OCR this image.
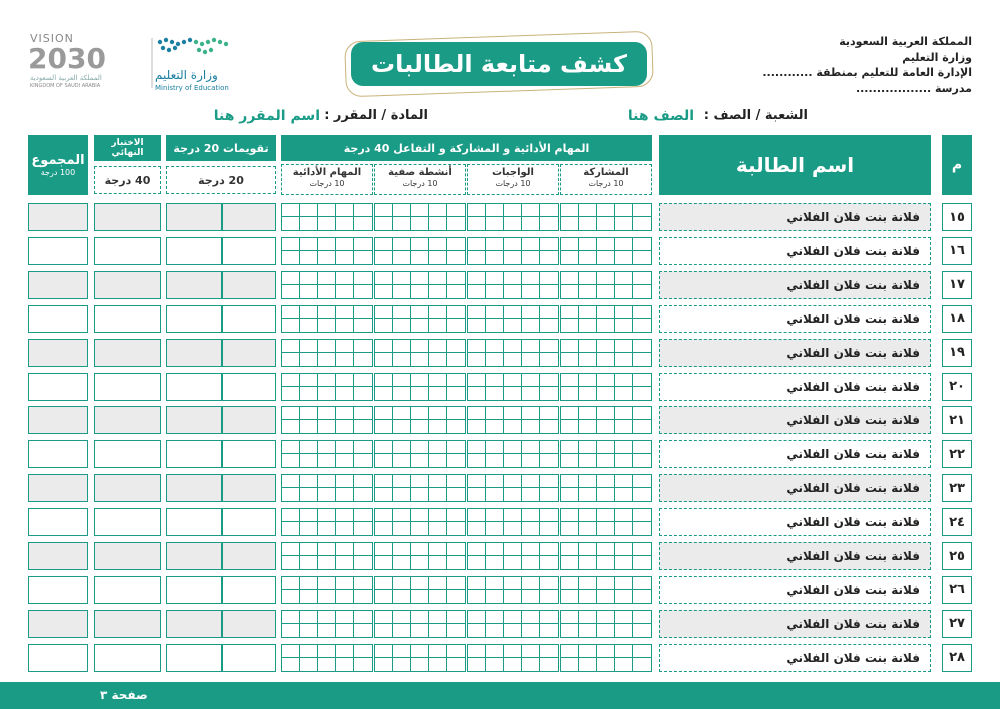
المملكة العربية السعودية
وزارة التعليم
الإدارة العامة للتعليم بمنطقة ............
مدرسة ..................
كشف متابعة الطالبات
وزارة التعليم
Ministry of Education
VISION
2030
المملكة العربية السعودية
KINGDOM OF SAUDI ARABIA
الشعبة / الصف :
الصف هنا
المادة / المقرر :
اسم المقرر هنا
م
اسم الطالبة
المهام الأدائية و المشاركة و التفاعل 40 درجة
المشاركة
10 درجات
الواجبات
10 درجات
أنشطة صفية
10 درجات
المهام الأدائية
10 درجات
تقويمات 20 درجة
20 درجة
الاختبار النهائي
40 درجة
المجموع
100 درجة
١٥
فلانة بنت فلان الفلاني
١٦
فلانة بنت فلان الفلاني
١٧
فلانة بنت فلان الفلاني
١٨
فلانة بنت فلان الفلاني
١٩
فلانة بنت فلان الفلاني
٢٠
فلانة بنت فلان الفلاني
٢١
فلانة بنت فلان الفلاني
٢٢
فلانة بنت فلان الفلاني
٢٣
فلانة بنت فلان الفلاني
٢٤
فلانة بنت فلان الفلاني
٢٥
فلانة بنت فلان الفلاني
٢٦
فلانة بنت فلان الفلاني
٢٧
فلانة بنت فلان الفلاني
٢٨
فلانة بنت فلان الفلاني
صفحة ٣
